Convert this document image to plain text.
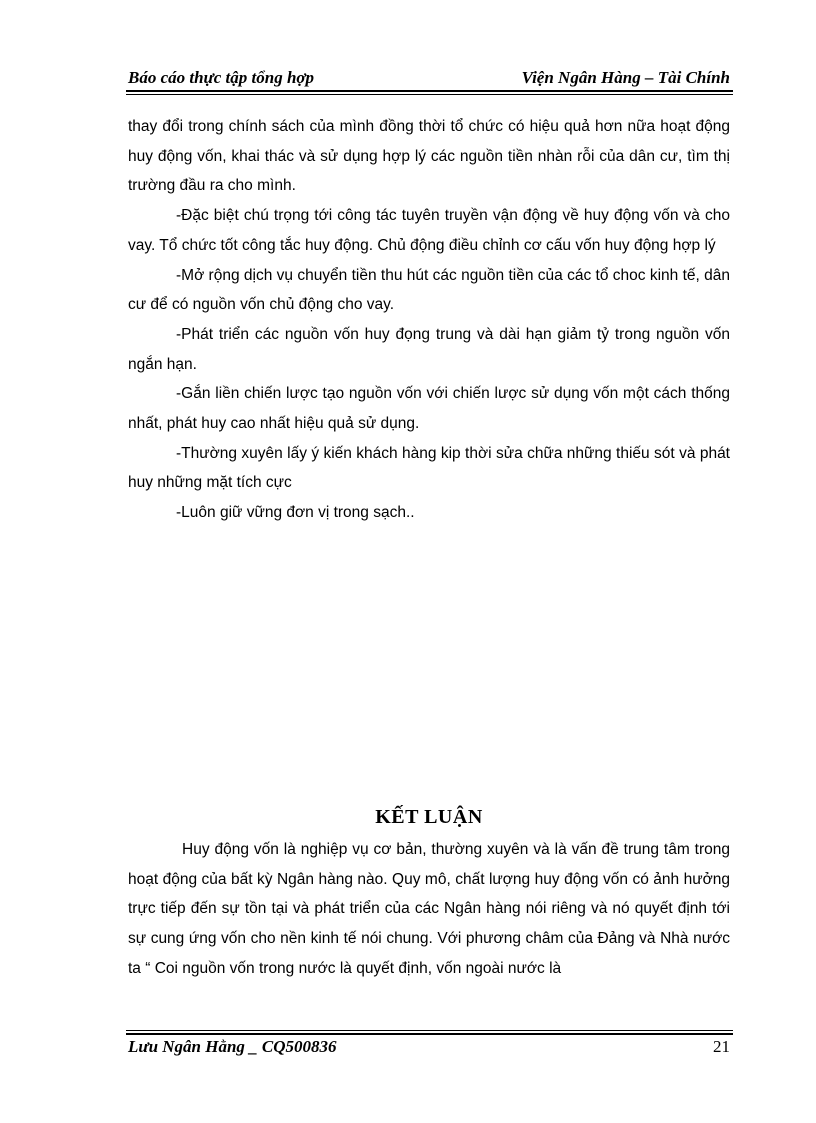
Báo cáo thực tập tổng hợp	Viện Ngân Hàng – Tài Chính

thay đổi trong chính sách của mình đồng thời tổ chức có hiệu quả hơn nữa hoạt động huy động vốn, khai thác và sử dụng hợp lý các nguồn tiền nhàn rỗi của dân cư, tìm thị trường đầu ra cho mình.

-Đặc biệt chú trọng tới công tác tuyên truyền vận động về huy động vốn và cho vay. Tổ chức tốt công tắc huy động. Chủ động điều chỉnh cơ cấu vốn huy động hợp lý

-Mở rộng dịch vụ chuyển tiền thu hút các nguồn tiền của các tổ choc kinh tế, dân cư để có nguồn vốn chủ động cho vay.

-Phát triển các nguồn vốn huy đọng trung và dài hạn giảm tỷ trong nguồn vốn ngắn hạn.

-Gắn liền chiến lược tạo nguồn vốn với chiến lược sử dụng vốn một cách thống nhất, phát huy cao nhất hiệu quả sử dụng.

-Thường xuyên lấy ý kiến khách hàng kip thời sửa chữa những thiếu sót và phát huy những mặt tích cực

-Luôn giữ vững đơn vị trong sạch..

KẾT LUẬN

Huy động vốn là nghiệp vụ cơ bản, thường xuyên và là vấn đề trung tâm trong hoạt động của bất kỳ Ngân hàng nào. Quy mô, chất lượng huy động vốn có ảnh hưởng trực tiếp đến sự tồn tại và phát triển của các Ngân hàng nói riêng và nó quyết định tới sự cung ứng vốn cho nền kinh tế nói chung. Với phương châm của Đảng và Nhà nước ta “ Coi nguồn vốn trong nước là quyết định, vốn ngoài nước là

Lưu Ngân Hằng _ CQ500836	21
